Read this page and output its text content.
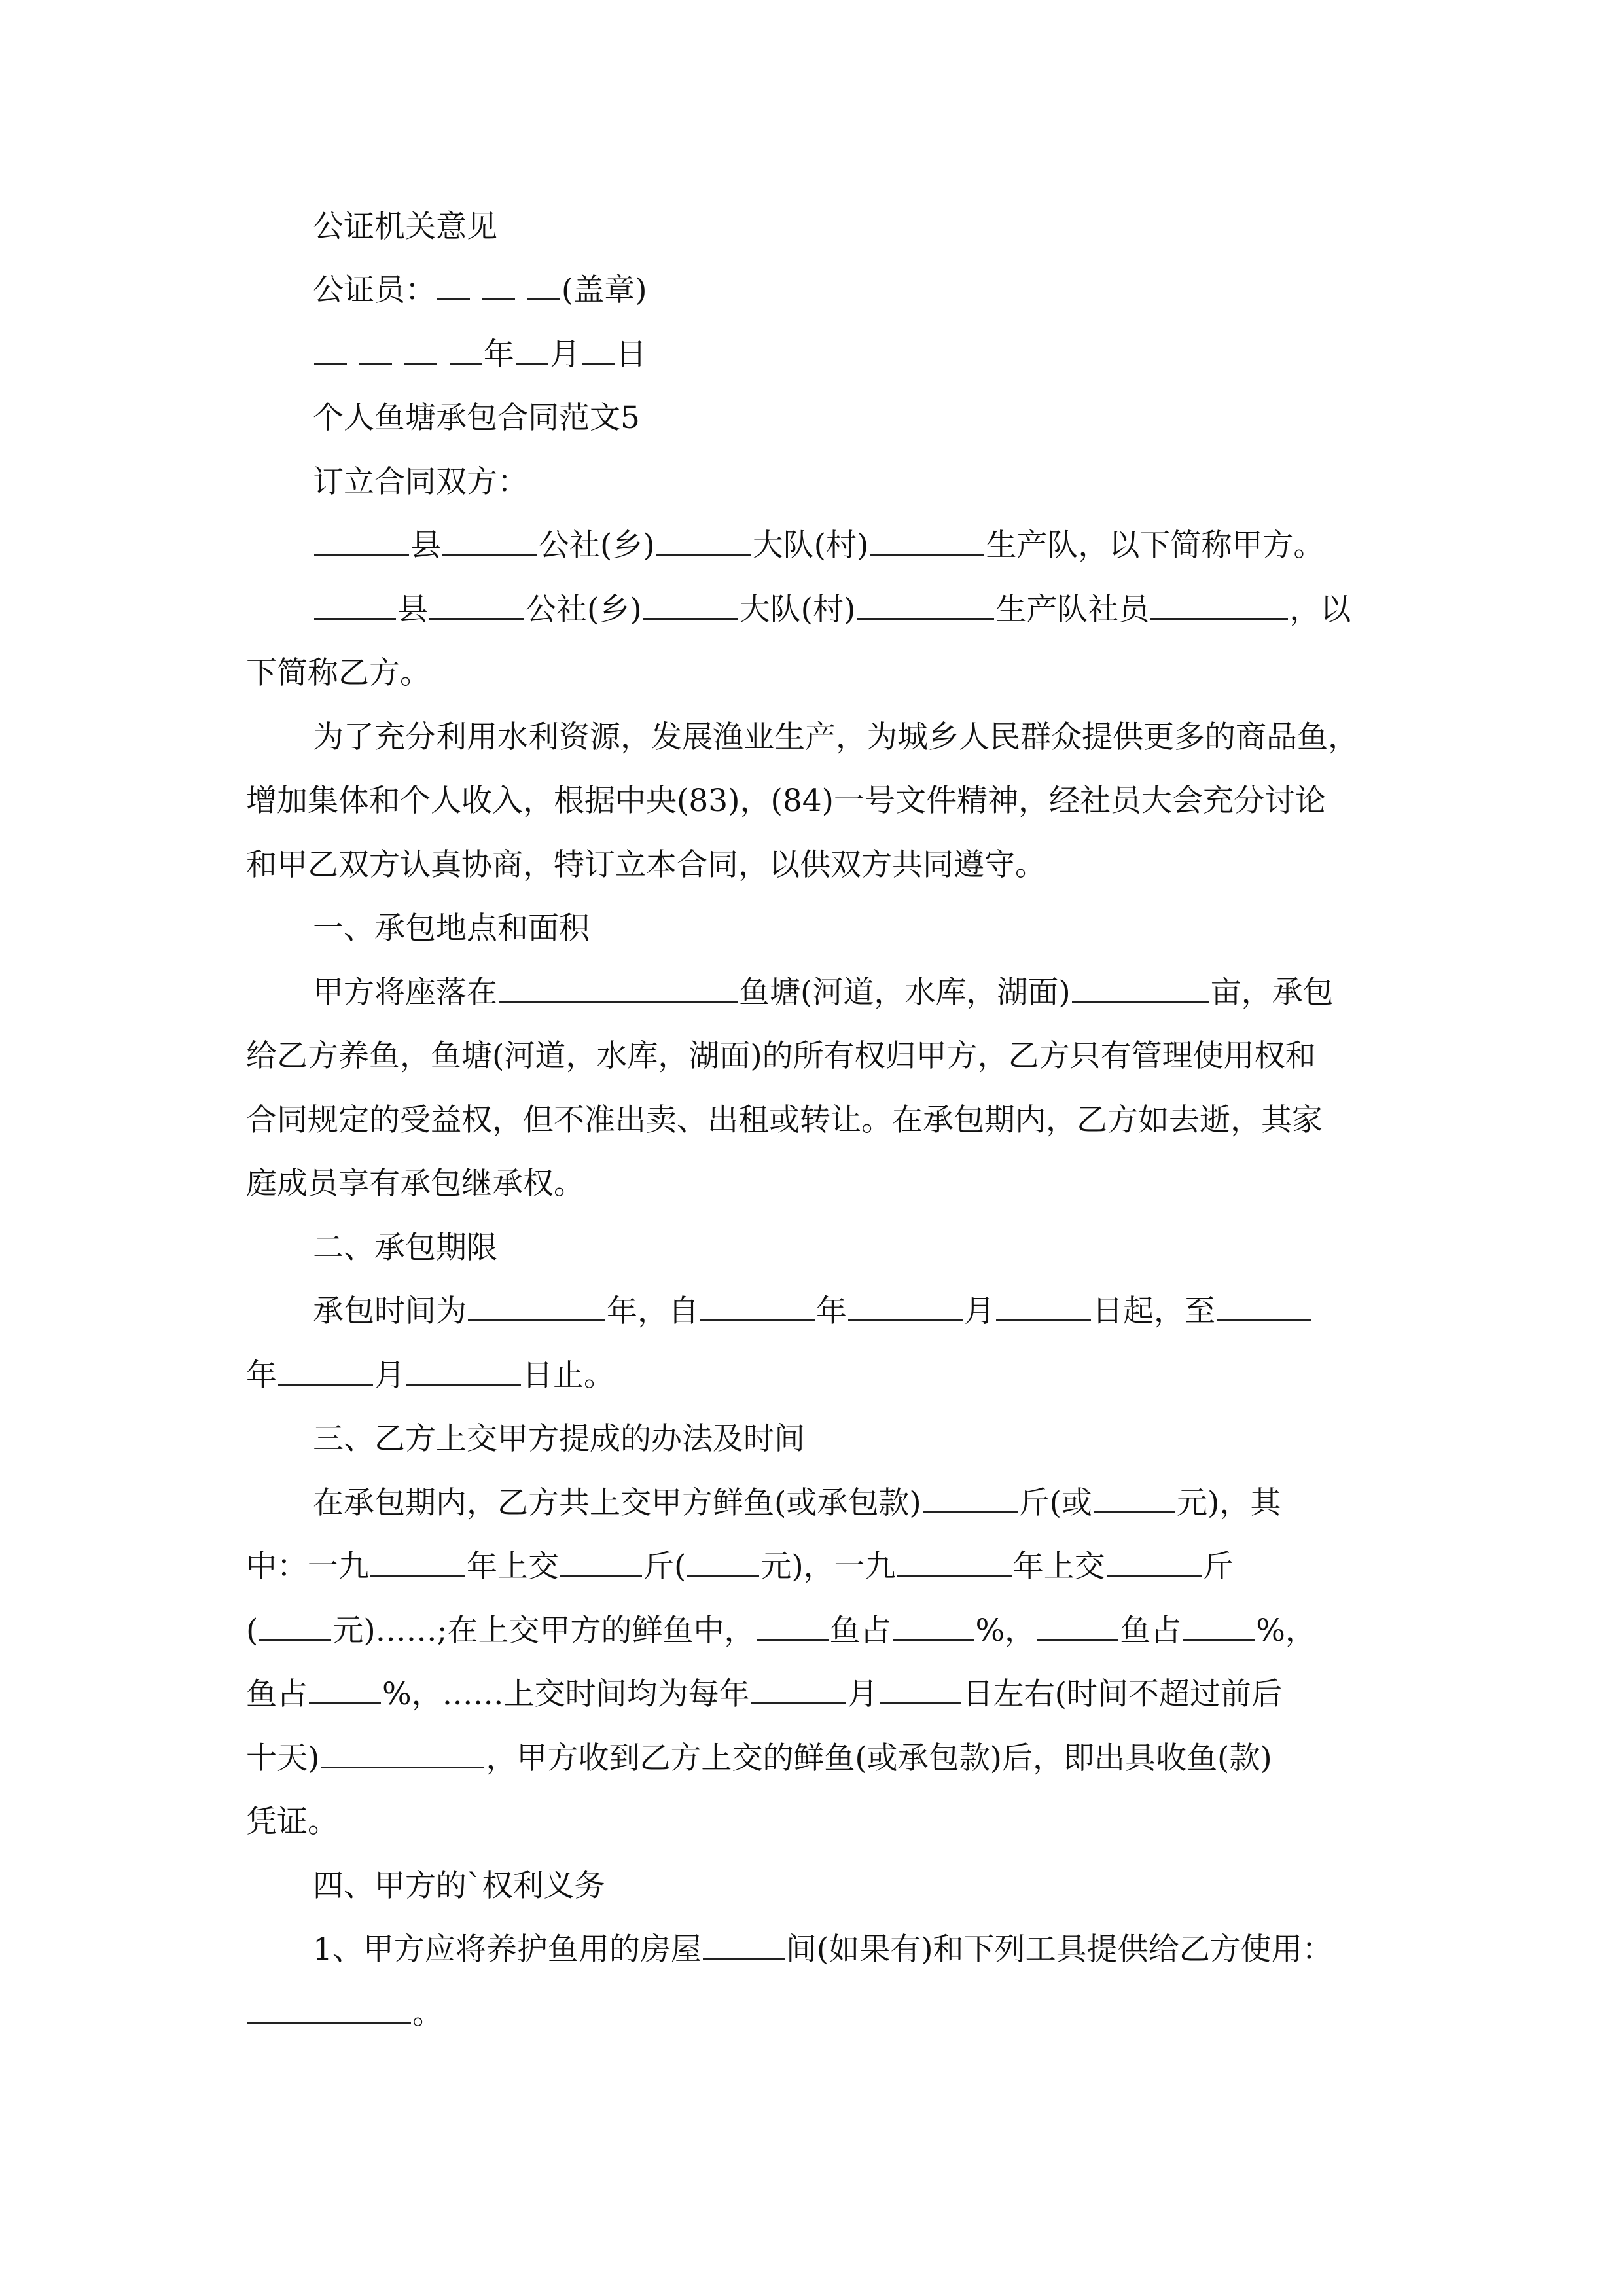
公证机关意见
公证员：	(盖章)
年 月 日
个人鱼塘承包合同范文5
订立合同双方：
县	公社(乡)	大队(村)	生产队，以下简称甲方。
县	公社(乡)	大队(村)	生产队社员	，以
下简称乙方。
为了充分利用水利资源，发展渔业生产，为城乡人民群众提供更多的商品鱼，
增加集体和个人收入，根据中央(83)，(84)一号文件精神，经社员大会充分讨论
和甲乙双方认真协商，特订立本合同，以供双方共同遵守。
一、承包地点和面积
甲方将座落在	鱼塘(河道，水库，湖面)	亩，承包
给乙方养鱼，鱼塘(河道，水库，湖面)的所有权归甲方，乙方只有管理使用权和
合同规定的受益权，但不准出卖、出租或转让。在承包期内，乙方如去逝，其家
庭成员享有承包继承权。
二、承包期限
承包时间为	年，自	年	月	日起，至
年	月	日止。
三、乙方上交甲方提成的办法及时间
在承包期内，乙方共上交甲方鲜鱼(或承包款)	斤(或	元)，其
中：一九	年上交	斤( 元)，一九	年上交	斤
( 元)……;在上交甲方的鲜鱼中， 鱼占	%，	鱼占 %，
鱼占 %，……上交时间均为每年	月	日左右(时间不超过前后
十天)	，甲方收到乙方上交的鲜鱼(或承包款)后，即出具收鱼(款)
凭证。
四、甲方的`权利义务
1、甲方应将养护鱼用的房屋	间(如果有)和下列工具提供给乙方使用：
。
